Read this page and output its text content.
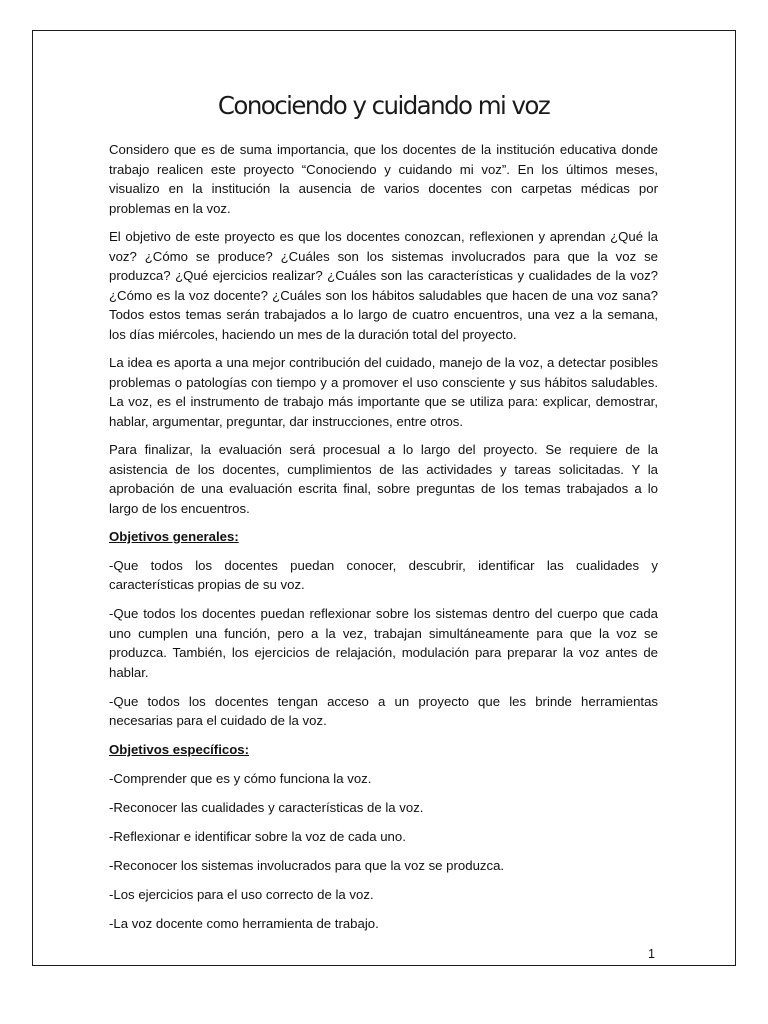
Conociendo y cuidando mi voz

Considero que es de suma importancia, que los docentes de la institución educativa donde trabajo realicen este proyecto “Conociendo y cuidando mi voz”. En los últimos meses, visualizo en la institución la ausencia de varios docentes con carpetas médicas por problemas en la voz.

El objetivo de este proyecto es que los docentes conozcan, reflexionen y aprendan ¿Qué la voz? ¿Cómo se produce? ¿Cuáles son los sistemas involucrados para que la voz se produzca? ¿Qué ejercicios realizar? ¿Cuáles son las características y cualidades de la voz? ¿Cómo es la voz docente? ¿Cuáles son los hábitos saludables que hacen de una voz sana? Todos estos temas serán trabajados a lo largo de cuatro encuentros, una vez a la semana, los días miércoles, haciendo un mes de la duración total del proyecto.

La idea es aporta a una mejor contribución del cuidado, manejo de la voz, a detectar posibles problemas o patologías con tiempo y a promover el uso consciente y sus hábitos saludables. La voz, es el instrumento de trabajo más importante que se utiliza para: explicar, demostrar, hablar, argumentar, preguntar, dar instrucciones, entre otros.

Para finalizar, la evaluación será procesual a lo largo del proyecto. Se requiere de la asistencia de los docentes, cumplimientos de las actividades y tareas solicitadas. Y la aprobación de una evaluación escrita final, sobre preguntas de los temas trabajados a lo largo de los encuentros.

Objetivos generales:

-Que todos los docentes puedan conocer, descubrir, identificar las cualidades y características propias de su voz.

-Que todos los docentes puedan reflexionar sobre los sistemas dentro del cuerpo que cada uno cumplen una función, pero a la vez, trabajan simultáneamente para que la voz se produzca. También, los ejercicios de relajación, modulación para preparar la voz antes de hablar.

-Que todos los docentes tengan acceso a un proyecto que les brinde herramientas necesarias para el cuidado de la voz.

Objetivos específicos:

-Comprender que es y cómo funciona la voz.

-Reconocer las cualidades y características de la voz.

-Reflexionar e identificar sobre la voz de cada uno.

-Reconocer los sistemas involucrados para que la voz se produzca.

-Los ejercicios para el uso correcto de la voz.

-La voz docente como herramienta de trabajo.

1
